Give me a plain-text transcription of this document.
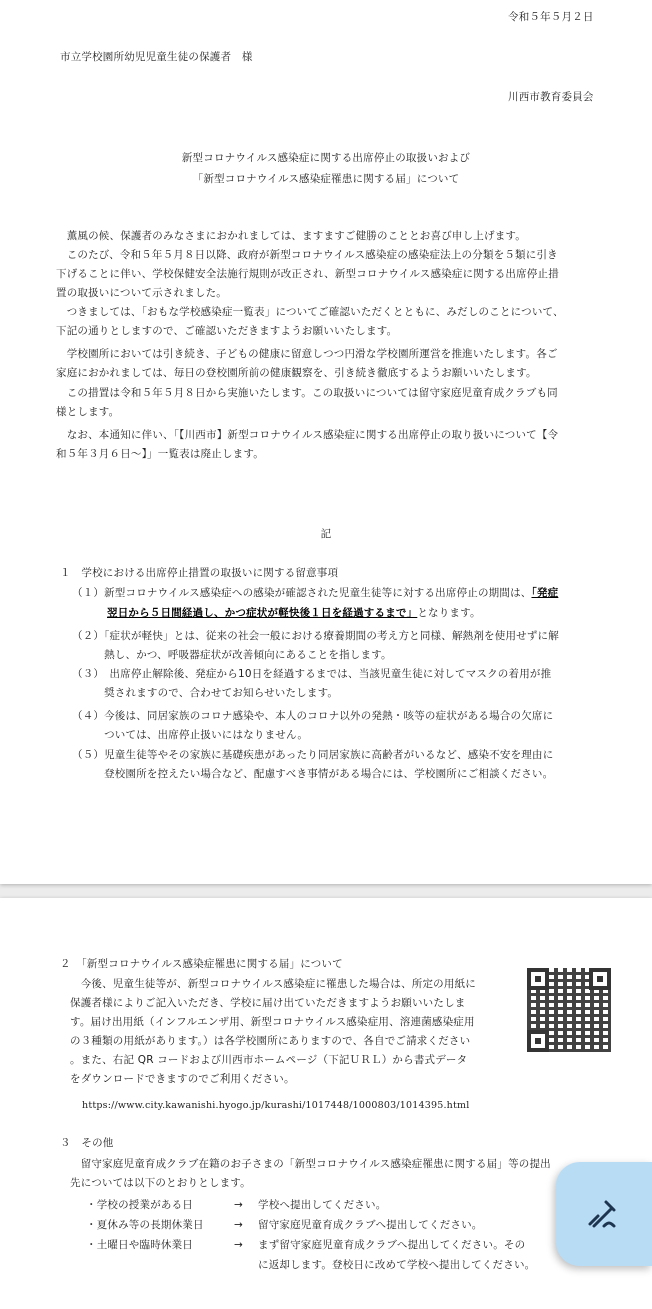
令和５年５月２日
市立学校園所幼児児童生徒の保護者　様
川西市教育委員会
新型コロナウイルス感染症に関する出席停止の取扱いおよび
「新型コロナウイルス感染症罹患に関する届」について
　薫風の候、保護者のみなさまにおかれましては、ますますご健勝のこととお喜び申し上げます。
　このたび、令和５年５月８日以降、政府が新型コロナウイルス感染症の感染症法上の分類を５類に引き
下げることに伴い、学校保健安全法施行規則が改正され、新型コロナウイルス感染症に関する出席停止措
置の取扱いについて示されました。
　つきましては、「おもな学校感染症一覧表」についてご確認いただくとともに、みだしのことについて、
下記の通りとしますので、ご確認いただきますようお願いいたします。
　学校園所においては引き続き、子どもの健康に留意しつつ円滑な学校園所運営を推進いたします。各ご
家庭におかれましては、毎日の登校園所前の健康観察を、引き続き徹底するようお願いいたします。
　この措置は令和５年５月８日から実施いたします。この取扱いについては留守家庭児童育成クラブも同
様とします。
　なお、本通知に伴い、「【川西市】新型コロナウイルス感染症に関する出席停止の取り扱いについて【令
和５年３月６日～】」一覧表は廃止します。
記
１　学校における出席停止措置の取扱いに関する留意事項
（１）新型コロナウイルス感染症への感染が確認された児童生徒等に対する出席停止の期間は、「発症
翌日から５日間経過し、かつ症状が軽快後１日を経過するまで」となります。
（２）「症状が軽快」とは、従来の社会一般における療養期間の考え方と同様、解熱剤を使用せずに解
　　　熱し、かつ、呼吸器症状が改善傾向にあることを指します。
（３）　出席停止解除後、発症から10日を経過するまでは、当該児童生徒に対してマスクの着用が推
　　　奨されますので、合わせてお知らせいたします。
（４）今後は、同居家族のコロナ感染や、本人のコロナ以外の発熱・咳等の症状がある場合の欠席に
　　　ついては、出席停止扱いにはなりません。
（５）児童生徒等やその家族に基礎疾患があったり同居家族に高齢者がいるなど、感染不安を理由に
　　　登校園所を控えたい場合など、配慮すべき事情がある場合には、学校園所にご相談ください。
２　「新型コロナウイルス感染症罹患に関する届」について
　今後、児童生徒等が、新型コロナウイルス感染症に罹患した場合は、所定の用紙に
保護者様によりご記入いただき、学校に届け出ていただきますようお願いいたしま
す。届け出用紙（インフルエンザ用、新型コロナウイルス感染症用、溶連菌感染症用
の３種類の用紙があります。）は各学校園所にありますので、各自でご請求ください
。また、右記 QR コードおよび川西市ホームページ（下記ＵＲＬ）から書式データ
をダウンロードできますのでご利用ください。
https://www.city.kawanishi.hyogo.jp/kurashi/1017448/1000803/1014395.html
３　その他
　留守家庭児童育成クラブ在籍のお子さまの「新型コロナウイルス感染症罹患に関する届」等の提出
先については以下のとおりとします。
・学校の授業がある日	→ 学校へ提出してください。
・夏休み等の長期休業日	→ 留守家庭児童育成クラブへ提出してください。
・土曜日や臨時休業日	→ まず留守家庭児童育成クラブへ提出してください。その
に返却します。登校日に改めて学校へ提出してください。
